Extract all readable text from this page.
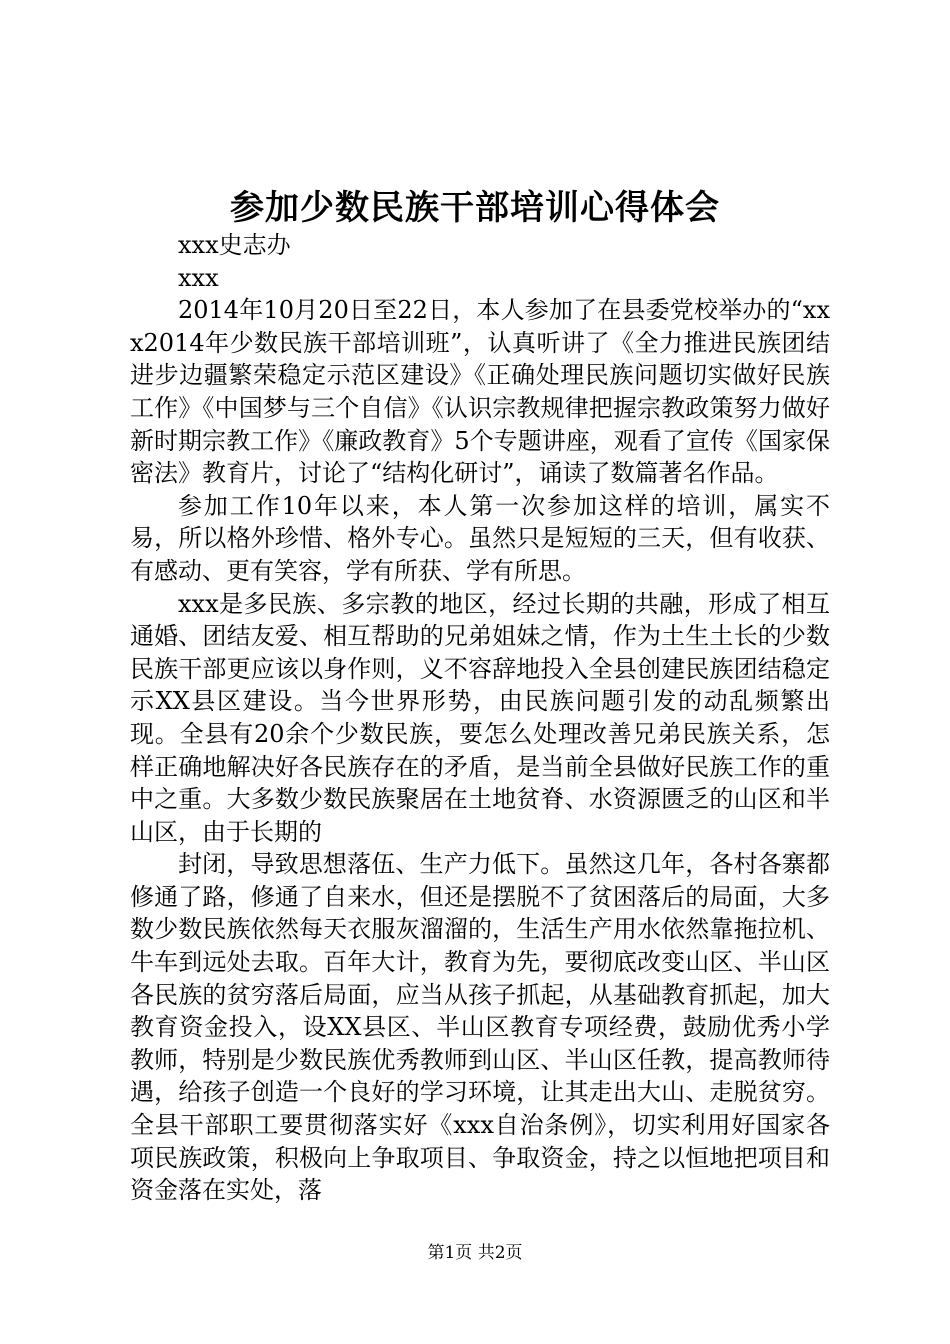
参加少数民族干部培训心得体会

xxx史志办

xxx

2014年10月20日至22日，本人参加了在县委党校举办的“xxx2014年少数民族干部培训班”，认真听讲了《全力推进民族团结进步边疆繁荣稳定示范区建设》《正确处理民族问题切实做好民族工作》《中国梦与三个自信》《认识宗教规律把握宗教政策努力做好新时期宗教工作》《廉政教育》5个专题讲座，观看了宣传《国家保密法》教育片，讨论了“结构化研讨”，诵读了数篇著名作品。

参加工作10年以来，本人第一次参加这样的培训，属实不易，所以格外珍惜、格外专心。虽然只是短短的三天，但有收获、有感动、更有笑容，学有所获、学有所思。

xxx是多民族、多宗教的地区，经过长期的共融，形成了相互通婚、团结友爱、相互帮助的兄弟姐妹之情，作为土生土长的少数民族干部更应该以身作则，义不容辞地投入全县创建民族团结稳定示XX县区建设。当今世界形势，由民族问题引发的动乱频繁出现。全县有20余个少数民族，要怎么处理改善兄弟民族关系，怎样正确地解决好各民族存在的矛盾，是当前全县做好民族工作的重中之重。大多数少数民族聚居在土地贫脊、水资源匮乏的山区和半山区，由于长期的

封闭，导致思想落伍、生产力低下。虽然这几年，各村各寨都修通了路，修通了自来水，但还是摆脱不了贫困落后的局面，大多数少数民族依然每天衣服灰溜溜的，生活生产用水依然靠拖拉机、牛车到远处去取。百年大计，教育为先，要彻底改变山区、半山区各民族的贫穷落后局面，应当从孩子抓起，从基础教育抓起，加大教育资金投入，设XX县区、半山区教育专项经费，鼓励优秀小学教师，特别是少数民族优秀教师到山区、半山区任教，提高教师待遇，给孩子创造一个良好的学习环境，让其走出大山、走脱贫穷。全县干部职工要贯彻落实好《xxx自治条例》，切实利用好国家各项民族政策，积极向上争取项目、争取资金，持之以恒地把项目和资金落在实处，落

第1页 共2页
